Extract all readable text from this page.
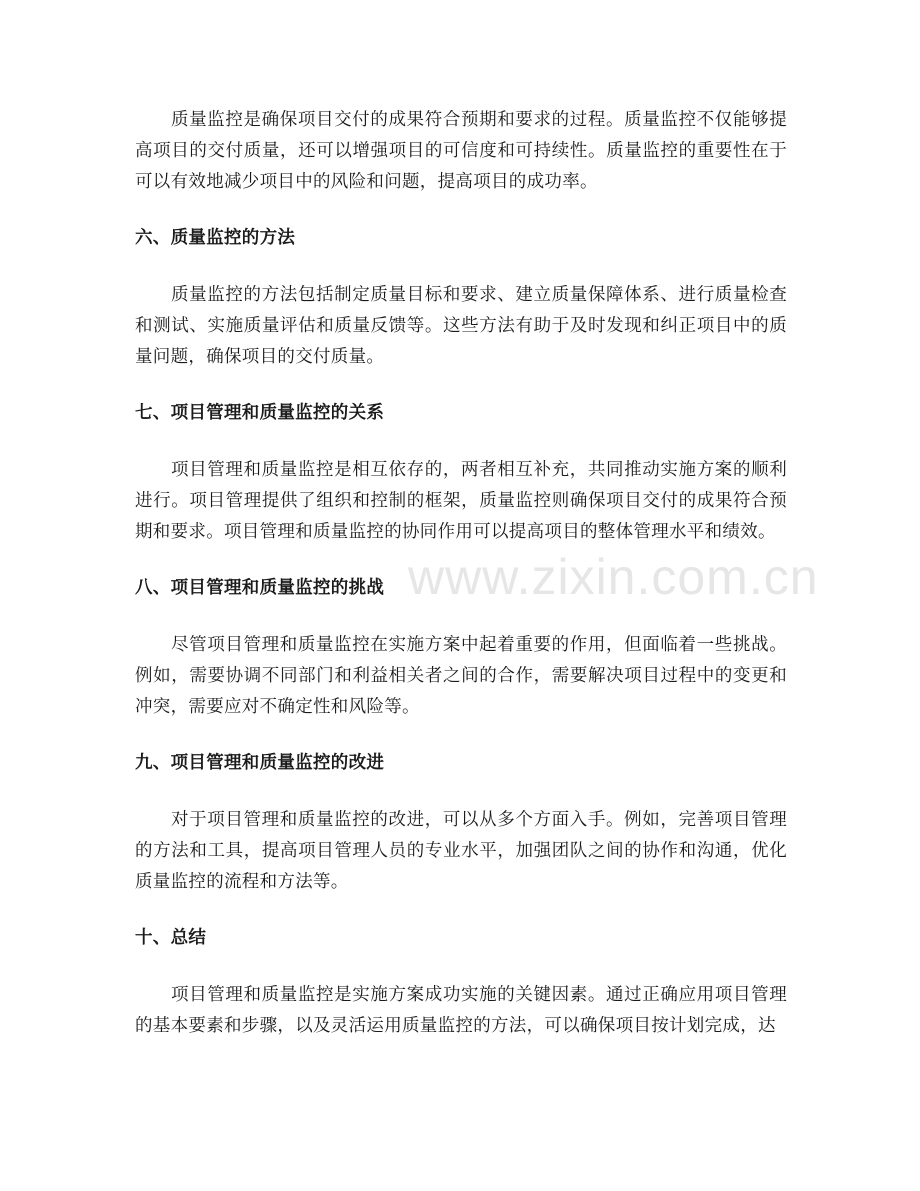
质量监控是确保项目交付的成果符合预期和要求的过程。质量监控不仅能够提高项目的交付质量，还可以增强项目的可信度和可持续性。质量监控的重要性在于可以有效地减少项目中的风险和问题，提高项目的成功率。

六、质量监控的方法

质量监控的方法包括制定质量目标和要求、建立质量保障体系、进行质量检查和测试、实施质量评估和质量反馈等。这些方法有助于及时发现和纠正项目中的质量问题，确保项目的交付质量。

七、项目管理和质量监控的关系

项目管理和质量监控是相互依存的，两者相互补充，共同推动实施方案的顺利进行。项目管理提供了组织和控制的框架，质量监控则确保项目交付的成果符合预期和要求。项目管理和质量监控的协同作用可以提高项目的整体管理水平和绩效。

八、项目管理和质量监控的挑战

尽管项目管理和质量监控在实施方案中起着重要的作用，但面临着一些挑战。例如，需要协调不同部门和利益相关者之间的合作，需要解决项目过程中的变更和冲突，需要应对不确定性和风险等。

九、项目管理和质量监控的改进

对于项目管理和质量监控的改进，可以从多个方面入手。例如，完善项目管理的方法和工具，提高项目管理人员的专业水平，加强团队之间的协作和沟通，优化质量监控的流程和方法等。

十、总结

项目管理和质量监控是实施方案成功实施的关键因素。通过正确应用项目管理的基本要素和步骤，以及灵活运用质量监控的方法，可以确保项目按计划完成，达

www.zixin.com.cn
